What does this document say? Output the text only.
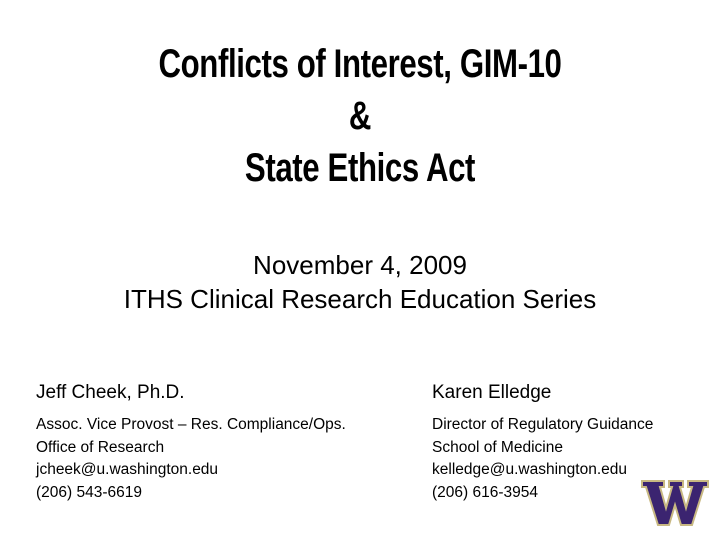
Conflicts of Interest, GIM-10
&
State Ethics Act
November 4, 2009
ITHS Clinical Research Education Series
Jeff Cheek, Ph.D.
Assoc. Vice Provost – Res. Compliance/Ops.
Office of Research
jcheek@u.washington.edu
(206) 543-6619
Karen Elledge
Director of Regulatory Guidance
School of Medicine
kelledge@u.washington.edu
(206) 616-3954
